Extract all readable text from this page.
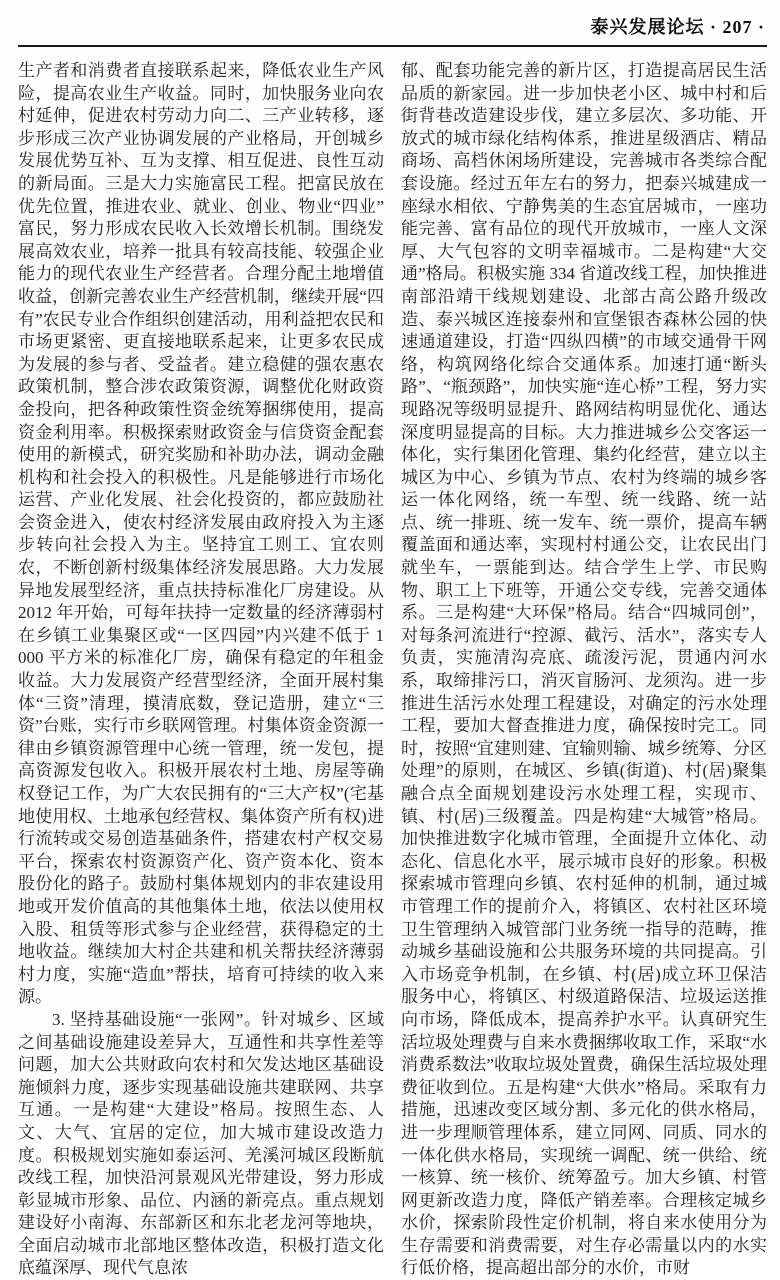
泰兴发展论坛 · 207 ·

生产者和消费者直接联系起来，降低农业生产风险，提高农业生产收益。同时，加快服务业向农村延伸，促进农村劳动力向二、三产业转移，逐步形成三次产业协调发展的产业格局，开创城乡发展优势互补、互为支撑、相互促进、良性互动的新局面。三是大力实施富民工程。把富民放在优先位置，推进农业、就业、创业、物业“四业”富民，努力形成农民收入长效增长机制。围绕发展高效农业，培养一批具有较高技能、较强企业能力的现代农业生产经营者。合理分配土地增值收益，创新完善农业生产经营机制，继续开展“四有”农民专业合作组织创建活动，用利益把农民和市场更紧密、更直接地联系起来，让更多农民成为发展的参与者、受益者。建立稳健的强农惠农政策机制，整合涉农政策资源，调整优化财政资金投向，把各种政策性资金统筹捆绑使用，提高资金利用率。积极探索财政资金与信贷资金配套使用的新模式，研究奖励和补助办法，调动金融机构和社会投入的积极性。凡是能够进行市场化运营、产业化发展、社会化投资的，都应鼓励社会资金进入，使农村经济发展由政府投入为主逐步转向社会投入为主。坚持宜工则工、宜农则农，不断创新村级集体经济发展思路。大力发展异地发展型经济，重点扶持标准化厂房建设。从 2012 年开始，可每年扶持一定数量的经济薄弱村在乡镇工业集聚区或“一区四园”内兴建不低于 1 000 平方米的标准化厂房，确保有稳定的年租金收益。大力发展资产经营型经济，全面开展村集体“三资”清理，摸清底数，登记造册，建立“三资”台账，实行市乡联网管理。村集体资金资源一律由乡镇资源管理中心统一管理，统一发包，提高资源发包收入。积极开展农村土地、房屋等确权登记工作，为广大农民拥有的“三大产权”(宅基地使用权、土地承包经营权、集体资产所有权)进行流转或交易创造基础条件，搭建农村产权交易平台，探索农村资源资产化、资产资本化、资本股份化的路子。鼓励村集体规划内的非农建设用地或开发价值高的其他集体土地，依法以使用权入股、租赁等形式参与企业经营，获得稳定的土地收益。继续加大村企共建和机关帮扶经济薄弱村力度，实施“造血”帮扶，培育可持续的收入来源。

3. 坚持基础设施“一张网”。针对城乡、区域之间基础设施建设差异大，互通性和共享性差等问题，加大公共财政向农村和欠发达地区基础设施倾斜力度，逐步实现基础设施共建联网、共享互通。一是构建“大建设”格局。按照生态、人文、大气、宜居的定位，加大城市建设改造力度。积极规划实施如泰运河、羌溪河城区段断航改线工程，加快沿河景观风光带建设，努力形成彰显城市形象、品位、内涵的新亮点。重点规划建设好小南海、东部新区和东北老龙河等地块，全面启动城市北部地区整体改造，积极打造文化底蕴深厚、现代气息浓

郁、配套功能完善的新片区，打造提高居民生活品质的新家园。进一步加快老小区、城中村和后街背巷改造建设步伐，建立多层次、多功能、开放式的城市绿化结构体系，推进星级酒店、精品商场、高档休闲场所建设，完善城市各类综合配套设施。经过五年左右的努力，把泰兴城建成一座绿水相依、宁静隽美的生态宜居城市，一座功能完善、富有品位的现代开放城市，一座人文深厚、大气包容的文明幸福城市。二是构建“大交通”格局。积极实施 334 省道改线工程，加快推进南部沿靖干线规划建设、北部古高公路升级改造、泰兴城区连接泰州和宣堡银杏森林公园的快速通道建设，打造“四纵四横”的市域交通骨干网络，构筑网络化综合交通体系。加速打通“断头路”、“瓶颈路”，加快实施“连心桥”工程，努力实现路况等级明显提升、路网结构明显优化、通达深度明显提高的目标。大力推进城乡公交客运一体化，实行集团化管理、集约化经营，建立以主城区为中心、乡镇为节点、农村为终端的城乡客运一体化网络，统一车型、统一线路、统一站点、统一排班、统一发车、统一票价，提高车辆覆盖面和通达率，实现村村通公交，让农民出门就坐车，一票能到达。结合学生上学、市民购物、职工上下班等，开通公交专线，完善交通体系。三是构建“大环保”格局。结合“四城同创”，对每条河流进行“控源、截污、活水”，落实专人负责，实施清沟亮底、疏浚污泥，贯通内河水系，取缔排污口，消灭盲肠河、龙须沟。进一步推进生活污水处理工程建设，对确定的污水处理工程，要加大督查推进力度，确保按时完工。同时，按照“宜建则建、宜输则输、城乡统筹、分区处理”的原则，在城区、乡镇(街道)、村(居)聚集融合点全面规划建设污水处理工程，实现市、镇、村(居)三级覆盖。四是构建“大城管”格局。加快推进数字化城市管理，全面提升立体化、动态化、信息化水平，展示城市良好的形象。积极探索城市管理向乡镇、农村延伸的机制，通过城市管理工作的提前介入，将镇区、农村社区环境卫生管理纳入城管部门业务统一指导的范畴，推动城乡基础设施和公共服务环境的共同提高。引入市场竞争机制，在乡镇、村(居)成立环卫保洁服务中心，将镇区、村级道路保洁、垃圾运送推向市场，降低成本，提高养护水平。认真研究生活垃圾处理费与自来水费捆绑收取工作，采取“水消费系数法”收取垃圾处置费，确保生活垃圾处理费征收到位。五是构建“大供水”格局。采取有力措施，迅速改变区域分割、多元化的供水格局，进一步理顺管理体系，建立同网、同质、同水的一体化供水格局，实现统一调配、统一供给、统一核算、统一核价、统筹盈亏。加大乡镇、村管网更新改造力度，降低产销差率。合理核定城乡水价，探索阶段性定价机制，将自来水使用分为生存需要和消费需要，对生存必需量以内的水实行低价格，提高超出部分的水价，市财
